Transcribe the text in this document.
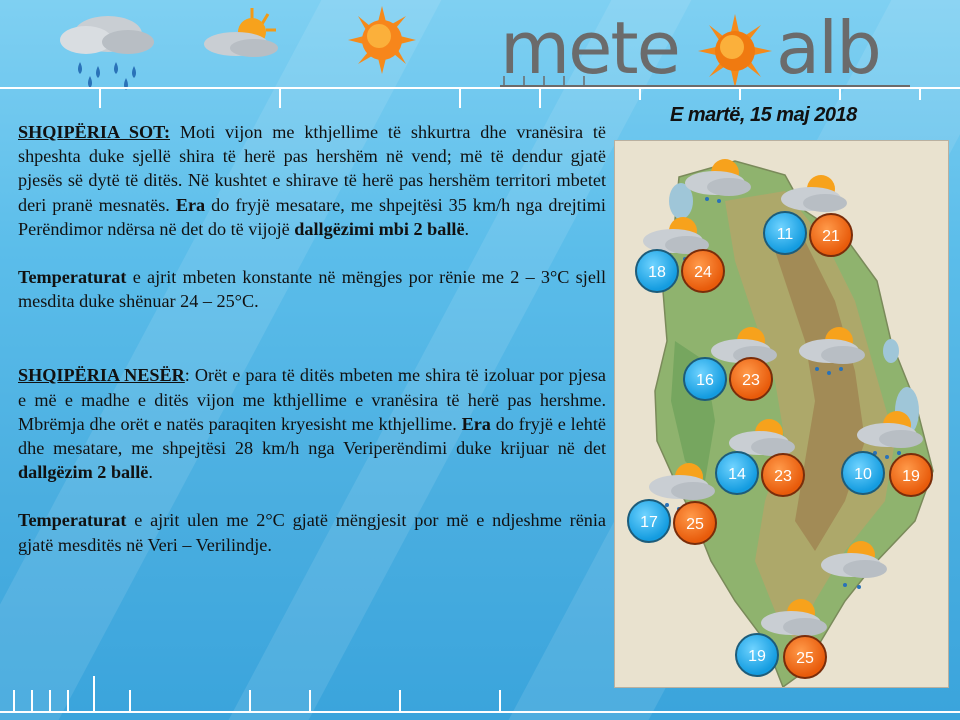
mete alb
E martë, 15 maj 2018

SHQIPËRIA SOT: Moti vijon me kthjellime të shkurtra dhe vranësira të shpeshta duke sjellë shira të herë pas hershëm në vend; më të dendur gjatë pjesës së dytë të ditës. Në kushtet e shirave të herë pas hershëm territori mbetet deri pranë mesnatës. Era do fryjë mesatare, me shpejtësi 35 km/h nga drejtimi Perëndimor ndërsa në det do të vijojë dallgëzimi mbi 2 ballë.

Temperaturat e ajrit mbeten konstante në mëngjes por rënie me 2 – 3°C sjell mesdita duke shënuar 24 – 25°C.

SHQIPËRIA NESËR: Orët e para të ditës mbeten me shira të izoluar por pjesa e më e madhe e ditës vijon me kthjellime e vranësira të herë pas hershme. Mbrëmja dhe orët e natës paraqiten kryesisht me kthjellime. Era do fryjë e lehtë dhe mesatare, me shpejtësi 28 km/h nga Veriperëndimi duke krijuar në det dallgëzim 2 ballë.

Temperaturat e ajrit ulen me 2°C gjatë mëngjesit por më e ndjeshme rënia gjatë mesditës në Veri – Verilindje.

18	24
11	21
16	23
14	23	10	19
17	25
19	25
